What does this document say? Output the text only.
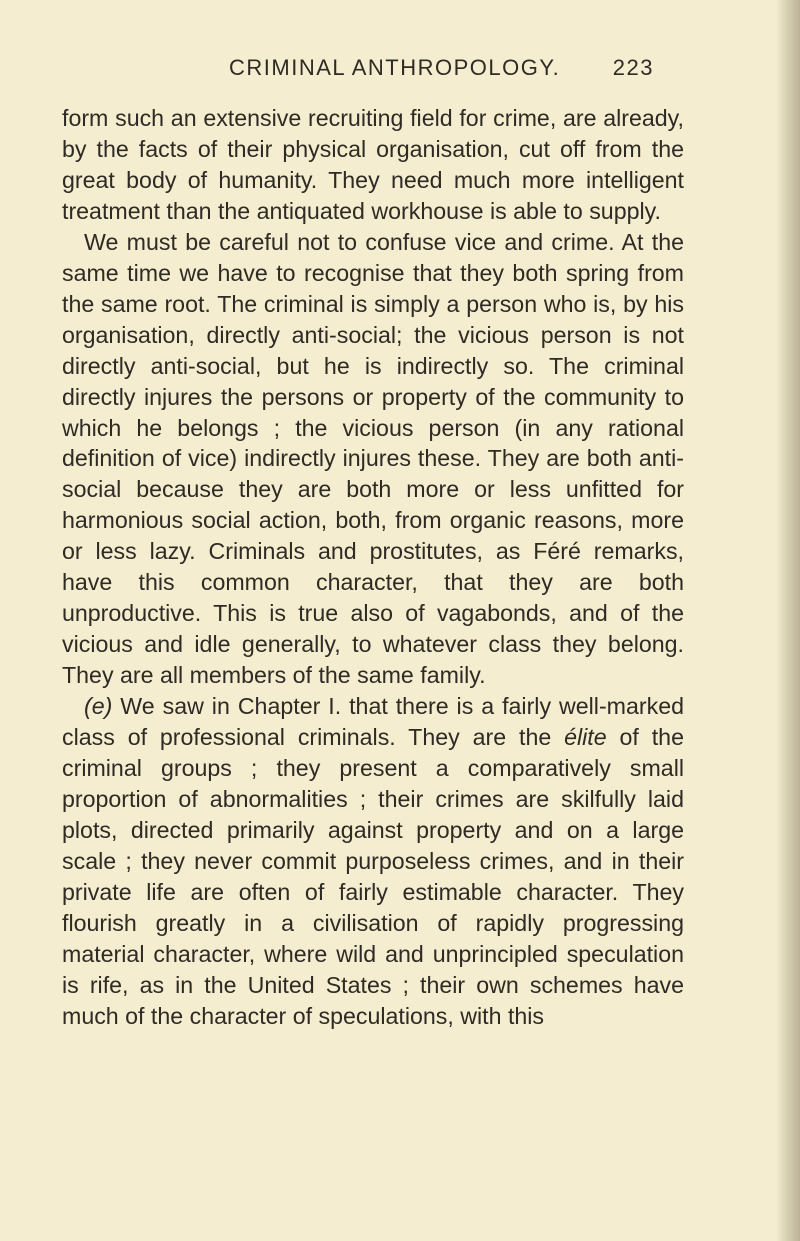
CRIMINAL ANTHROPOLOGY. 223

form such an extensive recruiting field for crime, are already, by the facts of their physical organisation, cut off from the great body of humanity. They need much more intelligent treatment than the antiquated workhouse is able to supply.

We must be careful not to confuse vice and crime. At the same time we have to recognise that they both spring from the same root. The criminal is simply a person who is, by his organisation, directly anti-social; the vicious person is not directly anti-social, but he is indirectly so. The criminal directly injures the persons or property of the community to which he belongs ; the vicious person (in any rational definition of vice) indirectly injures these. They are both anti-social because they are both more or less unfitted for harmonious social action, both, from organic reasons, more or less lazy. Criminals and prostitutes, as Féré remarks, have this common character, that they are both unproductive. This is true also of vagabonds, and of the vicious and idle generally, to whatever class they belong. They are all members of the same family.

(e) We saw in Chapter I. that there is a fairly well-marked class of professional criminals. They are the élite of the criminal groups ; they present a comparatively small proportion of abnormalities ; their crimes are skilfully laid plots, directed primarily against property and on a large scale ; they never commit purposeless crimes, and in their private life are often of fairly estimable character. They flourish greatly in a civilisation of rapidly progressing material character, where wild and unprincipled speculation is rife, as in the United States ; their own schemes have much of the character of speculations, with this
